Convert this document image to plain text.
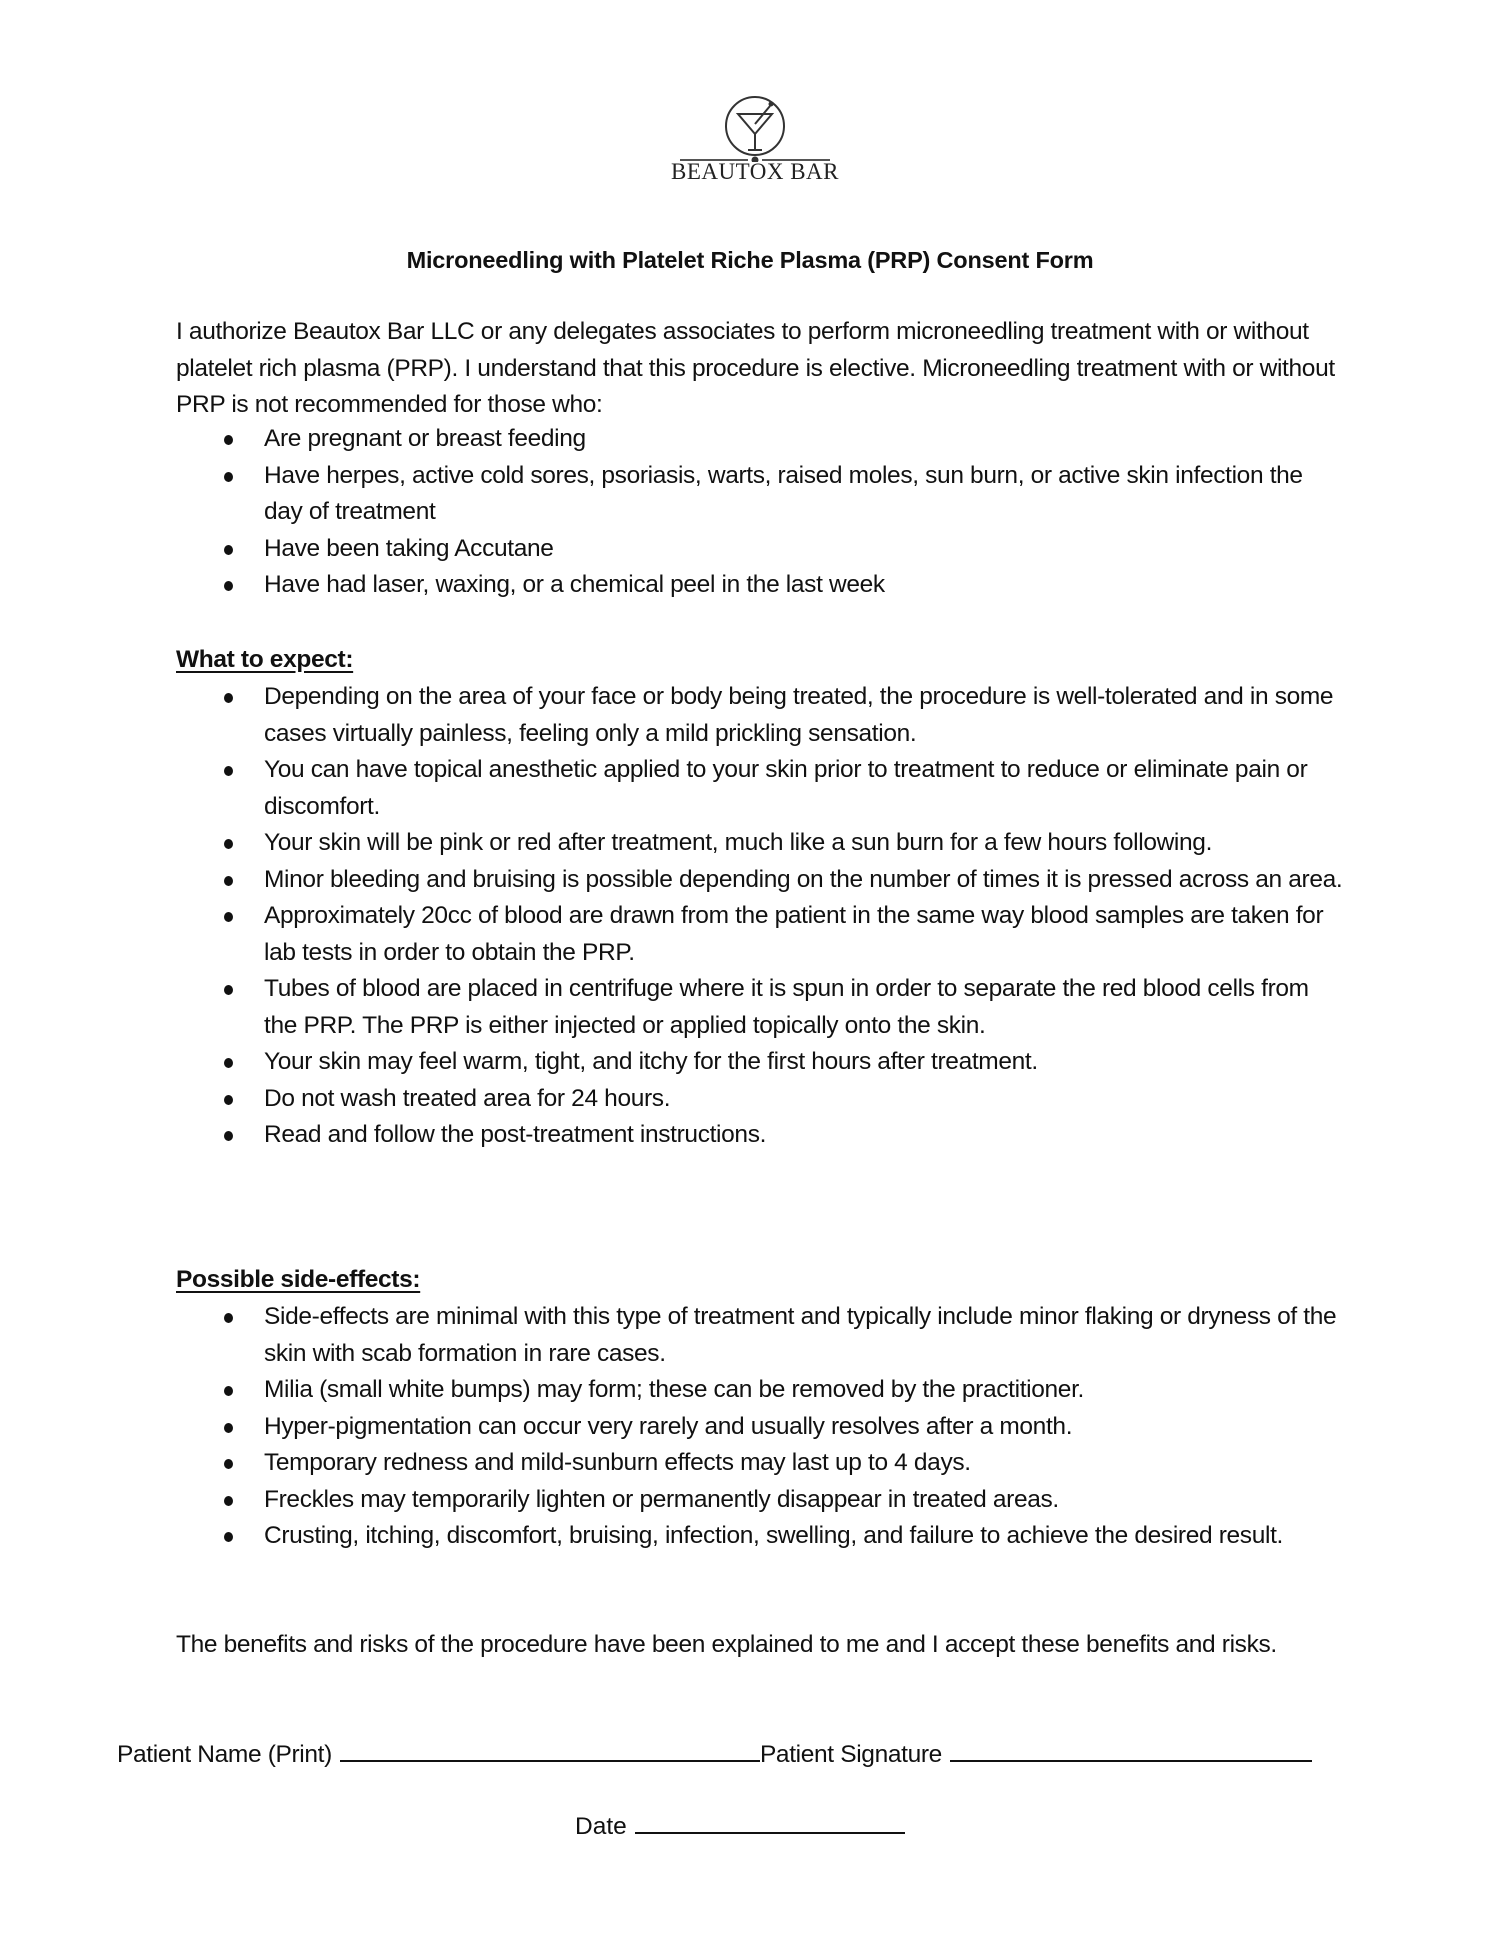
BEAUTOX BAR
Microneedling with Platelet Riche Plasma (PRP) Consent Form
I authorize Beautox Bar LLC or any delegates associates to perform microneedling treatment with or without platelet rich plasma (PRP). I understand that this procedure is elective. Microneedling treatment with or without PRP is not recommended for those who:
Are pregnant or breast feeding
Have herpes, active cold sores, psoriasis, warts, raised moles, sun burn, or active skin infection the day of treatment
Have been taking Accutane
Have had laser, waxing, or a chemical peel in the last week
What to expect:
Depending on the area of your face or body being treated, the procedure is well-tolerated and in some cases virtually painless, feeling only a mild prickling sensation.
You can have topical anesthetic applied to your skin prior to treatment to reduce or eliminate pain or discomfort.
Your skin will be pink or red after treatment, much like a sun burn for a few hours following.
Minor bleeding and bruising is possible depending on the number of times it is pressed across an area.
Approximately 20cc of blood are drawn from the patient in the same way blood samples are taken for lab tests in order to obtain the PRP.
Tubes of blood are placed in centrifuge where it is spun in order to separate the red blood cells from the PRP. The PRP is either injected or applied topically onto the skin.
Your skin may feel warm, tight, and itchy for the first hours after treatment.
Do not wash treated area for 24 hours.
Read and follow the post-treatment instructions.
Possible side-effects:
Side-effects are minimal with this type of treatment and typically include minor flaking or dryness of the skin with scab formation in rare cases.
Milia (small white bumps) may form; these can be removed by the practitioner.
Hyper-pigmentation can occur very rarely and usually resolves after a month.
Temporary redness and mild-sunburn effects may last up to 4 days.
Freckles may temporarily lighten or permanently disappear in treated areas.
Crusting, itching, discomfort, bruising, infection, swelling, and failure to achieve the desired result.
The benefits and risks of the procedure have been explained to me and I accept these benefits and risks.
Patient Name (Print)	Patient Signature
Date
